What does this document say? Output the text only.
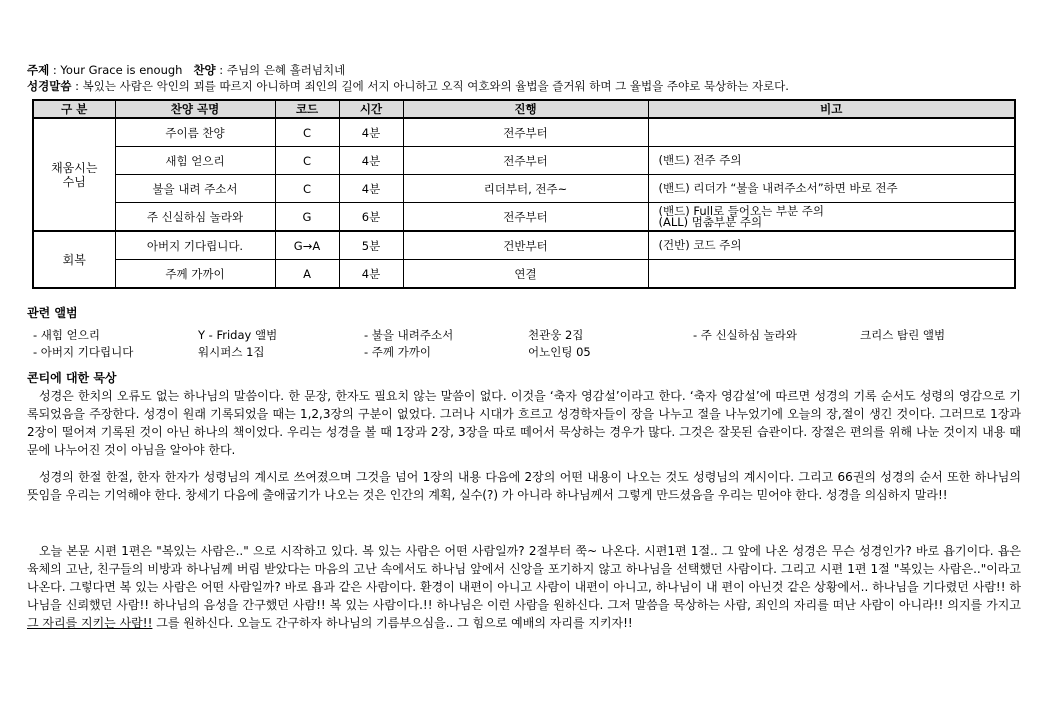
주제 : Your Grace is enough 찬양 : 주님의 은혜 흘러넘치네
성경말씀 : 복있는 사람은 악인의 꾀를 따르지 아니하며 죄인의 길에 서지 아니하고 오직 여호와의 율법을 즐거워 하며 그 율법을 주야로 묵상하는 자로다.
구 분	찬양 곡명	코드	시간	진행	비고

채움시는 수님	주이름 찬양	C	4분	전주부터	
	새힘 얻으리	C	4분	전주부터	(밴드) 전주 주의
	불을 내려 주소서	C	4분	리더부터, 전주~	(밴드) 리더가 “불을 내려주소서”하면 바로 전주
	주 신실하심 놀라와	G	6분	전주부터	(밴드) Full로 들어오는 부분 주의
(ALL) 멈춤부분 주의
회복	아버지 기다립니다.	G→A	5분	건반부터	(건반) 코드 주의
	주께 가까이	A	4분	연결	
관련 앨범
- 새힘 얻으리	Y - Friday 앨범	- 불을 내려주소서	천관웅 2집	- 주 신실하심 놀라와	크리스 탐린 앨범
- 아버지 기다립니다	워시퍼스 1집	- 주께 가까이	어노인팅 05
콘티에 대한 묵상
성경은 한치의 오류도 없는 하나님의 말씀이다. 한 문장, 한자도 필요치 않는 말씀이 없다. 이것을 ‘축자 영감설’이라고 한다. ‘축자 영감설’에 따르면 성경의 기록 순서도 성령의 영감으로 기록되었음을 주장한다. 성경이 원래 기록되었을 때는 1,2,3장의 구분이 없었다. 그러나 시대가 흐르고 성경학자들이 장을 나누고 절을 나누었기에 오늘의 장,절이 생긴 것이다. 그러므로 1장과 2장이 떨어져 기록된 것이 아닌 하나의 책이었다. 우리는 성경을 볼 때 1장과 2장, 3장을 따로 떼어서 묵상하는 경우가 많다. 그것은 잘못된 습관이다. 장절은 편의를 위해 나눈 것이지 내용 때문에 나누어진 것이 아님을 알아야 한다.
성경의 한절 한절, 한자 한자가 성령님의 계시로 쓰여졌으며 그것을 넘어 1장의 내용 다음에 2장의 어떤 내용이 나오는 것도 성령님의 계시이다. 그리고 66권의 성경의 순서 또한 하나님의 뜻임을 우리는 기억해야 한다. 창세기 다음에 출애굽기가 나오는 것은 인간의 계획, 실수(?) 가 아니라 하나님께서 그렇게 만드셨음을 우리는 믿어야 한다. 성경을 의심하지 말라!!
오늘 본문 시편 1편은 "복있는 사람은.." 으로 시작하고 있다. 복 있는 사람은 어떤 사람일까? 2절부터 쭉~ 나온다. 시편1편 1절.. 그 앞에 나온 성경은 무슨 성경인가? 바로 욥기이다. 욥은 육체의 고난, 친구들의 비방과 하나님께 버림 받았다는 마음의 고난 속에서도 하나님 앞에서 신앙을 포기하지 않고 하나님을 선택했던 사람이다. 그리고 시편 1편 1절 "복있는 사람은.."이라고 나온다. 그렇다면 복 있는 사람은 어떤 사람일까? 바로 욥과 같은 사람이다. 환경이 내편이 아니고 사람이 내편이 아니고, 하나님이 내 편이 아닌것 같은 상황에서.. 하나님을 기다렸던 사람!! 하나님을 신뢰했던 사람!! 하나님의 음성을 간구했던 사람!! 복 있는 사람이다.!! 하나님은 이런 사람을 원하신다. 그저 말씀을 묵상하는 사람, 죄인의 자리를 떠난 사람이 아니라!! 의지를 가지고 그 자리를 지키는 사람!! 그를 원하신다. 오늘도 간구하자 하나님의 기름부으심을.. 그 힘으로 예배의 자리를 지키자!!
